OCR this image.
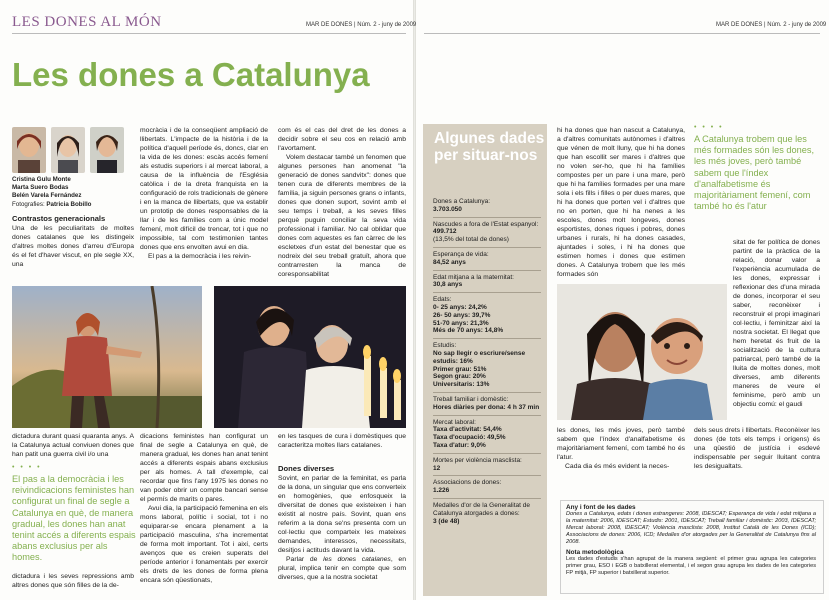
LES DONES AL MÓN
Les dones a Catalunya
Cristina Gulu Monte
Marta Suero Bodas
Belén Varela Fernández
Fotografies: Patricia Bobillo
Contrastos generacionals

Una de les peculiaritats de moltes dones catalanes que les distingeix d'altres moltes dones d'arreu d'Europa és el fet d'haver viscut, en ple segle XX, una

mocràcia i de la conseqüent ampliació de llibertats. L'impacte de la història i de la política d'aquell període és, doncs, clar en la vida de les dones: escàs accés femení als estudis superiors i al mercat laboral, a causa de la influència de l'Església catòlica i de la dreta franquista en la configuració de rols tradicionals de gènere i en la manca de llibertats, que va establir un prototip de dones responsables de la llar i de les famílies com a únic model femení, molt difícil de trencar, tot i que no impossible, tal com testimonien tantes dones que ens envolten avui en dia.

El pas a la democràcia i les reivin-

com és el cas del dret de les dones a decidir sobre el seu cos en relació amb l'avortament.

Volem destacar també un fenomen que algunes persones han anomenat "la generació de dones sandvitx": dones que tenen cura de diferents membres de la família, ja siguin persones grans o infants, dones que donen suport, sovint amb el seu temps i treball, a les seves filles perquè puguin conciliar la seva vida professional i familiar. No cal oblidar que dones com aquestes es fan càrrec de les escletxes d'un estat del benestar que es nodreix del seu treball gratuït, ahora que contrarresten la manca de coresponsabilitat

dictadura durant quasi quaranta anys. A la Catalunya actual conviuen dones que han patit una guerra civil i/o una

• • • •
El pas a la democràcia i les reivindicacions feministes han configurat un final de segle a Catalunya en què, de manera gradual, les dones han anat tenint accés a diferents espais abans exclusius per als homes.

dictadura i les seves repressions amb altres dones que són filles de la de-

dicacions feministes han configurat un final de segle a Catalunya en què, de manera gradual, les dones han anat tenint accés a diferents espais abans exclusius per als homes. A tall d'exemple, cal recordar que fins l'any 1975 les dones no van poder obrir un compte bancari sense el permís de marits o pares.

Avui dia, la participació femenina en els mons laboral, polític i social, tot i no equiparar-se encara plenament a la participació masculina, s'ha incrementat de forma molt important. Tot i així, certs avenços que es creien superats del període anterior i fonamentals per exercir els drets de les dones de forma plena encara són qüestionats,

en les tasques de cura i domèstiques que caracteritza moltes llars catalanes.

Dones diverses

Sovint, en parlar de la feminitat, es parla de la dona, un singular que ens converteix en homogènies, que enfosqueix la diversitat de dones que existeixen i han existit al nostre país. Sovint, quan ens referim a la dona se'ns presenta com un col·lectiu que comparteix les mateixes demandes, interessos, necessitats, desitjos i actituds davant la vida.

Parlar de les dones catalanes, en plural, implica tenir en compte que som diverses, que a la nostra societat

MAR DE DONES | Núm. 2 - juny de 2009	MAR DE DONES | Núm. 2 - juny de 2009
Algunes dades per situar-nos
Dones a Catalunya:
3.703.050
Nascudes a fora de l'Estat espanyol:
499.712
(13,5% del total de dones)
Esperança de vida:
84,52 anys
Edat mitjana a la maternitat:
30,8 anys
Edats:
0- 25 anys: 24,2%
26- 50 anys: 39,7%
51-70 anys: 21,3%
Més de 70 anys: 14,8%
Estudis:
No sap llegir o escriure/sense estudis: 16%
Primer grau: 51%
Segon grau: 20%
Universitaris: 13%
Treball familiar i domèstic:
Hores diàries per dona: 4 h 37 min
Mercat laboral:
Taxa d'activitat: 54,4%
Taxa d'ocupació: 49,5%
Taxa d'atur: 9,0%
Mortes per violència masclista:
12
Associacions de dones:
1.226
Medalles d'or de la Generalitat de Catalunya atorgades a dones:
3 (de 48)

hi ha dones que han nascut a Catalunya, a d'altres comunitats autònomes i d'altres que vénen de molt lluny, que hi ha dones que han escollit ser mares i d'altres que no volen ser-ho, que hi ha famílies compostes per un pare i una mare, però que hi ha famílies formades per una mare sola i els fills i filles o per dues mares, que hi ha dones que porten vel i d'altres que no en porten, que hi ha nenes a les escoles, dones molt longeves, dones esportistes, dones riques i pobres, dones urbanes i rurals, hi ha dones casades, ajuntades i soles, i hi ha dones que estimen homes i dones que estimen dones. A Catalunya trobem que les més formades són

• • • •
A Catalunya trobem que les més formades són les dones, les més joves, però també sabem que l'índex d'analfabetisme és majoritàriament femení, com també ho és l'atur

sitat de fer política de dones partint de la pràctica de la relació, donar valor a l'experiència acumulada de les dones, expressar i reflexionar des d'una mirada de dones, incorporar el seu saber, reconèixer i reconstruir el propi imaginari col·lectiu, i feminitzar així la nostra societat. El llegat que hem heretat és fruit de la socialització de la cultura patriarcal, però també de la lluita de moltes dones, molt diverses, amb diferents maneres de veure el feminisme, però amb un objectiu comú: el gaudi

les dones, les més joves, però també sabem que l'índex d'analfabetisme és majoritàriament femení, com també ho és l'atur.

Cada dia és més evident la neces-

dels seus drets i llibertats. Reconèixer les dones (de tots els temps i orígens) és una qüestió de justícia i esdevé indispensable per seguir lluitant contra les desigualtats.

Any i font de les dades
Dones a Catalunya, edats i dones estrangeres: 2008, IDESCAT; Esperança de vida i edat mitjana a la maternitat: 2006, IDESCAT; Estudis: 2001, IDESCAT; Treball familiar i domèstic: 2003, IDESCAT; Mercat laboral: 2008, IDESCAT; Violència masclista: 2008, Institut Català de les Dones (ICD); Associacions de dones: 2006, ICD; Medalles d'or atorgades per la Generalitat de Catalunya fins al 2008.
Nota metodològica
Les dades d'estudis s'han agrupat de la manera següent: el primer grau agrupa les categories primer grau, ESO i EGB o batxillerat elemental, i el segon grau agrupa les dades de les categories FP mitjà, FP superior i batxillerat superior.
